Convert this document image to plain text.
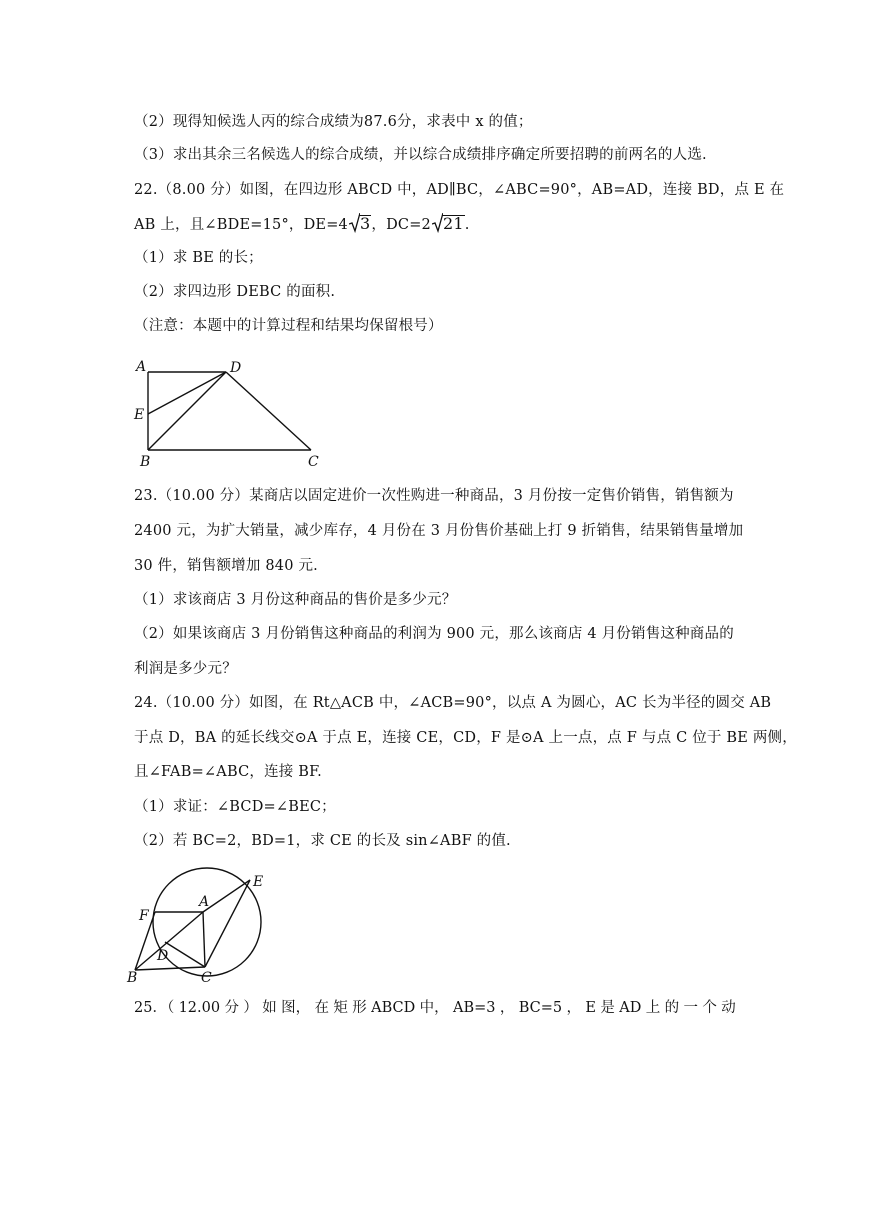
（2）现得知候选人丙的综合成绩为87.6分，求表中 x 的值；
（3）求出其余三名候选人的综合成绩，并以综合成绩排序确定所要招聘的前两名的人选.
22.（8.00 分）如图，在四边形 ABCD 中，AD∥BC，∠ABC=90°，AB=AD，连接 BD，点 E 在
AB 上，且∠BDE=15°，DE=4 3，DC=2 21.
（1）求 BE 的长；
（2）求四边形 DEBC 的面积.
（注意：本题中的计算过程和结果均保留根号）
A	D
E
B	C
23.（10.00 分）某商店以固定进价一次性购进一种商品，3 月份按一定售价销售，销售额为
2400 元，为扩大销量，减少库存，4 月份在 3 月份售价基础上打 9 折销售，结果销售量增加
30 件，销售额增加 840 元.
（1）求该商店 3 月份这种商品的售价是多少元？
（2）如果该商店 3 月份销售这种商品的利润为 900 元，那么该商店 4 月份销售这种商品的
利润是多少元？
24.（10.00 分）如图，在 Rt△ACB 中，∠ACB=90°，以点 A 为圆心，AC 长为半径的圆交 AB
于点 D，BA 的延长线交⊙A 于点 E，连接 CE，CD，F 是⊙A 上一点，点 F 与点 C 位于 BE 两侧，
且∠FAB=∠ABC，连接 BF.
（1）求证：∠BCD=∠BEC；
（2）若 BC=2，BD=1，求 CE 的长及 sin∠ABF 的值.
E
F
A
D
B	C
25．（ 12.00 分 ） 如 图， 在 矩 形 ABCD 中， AB=3 ， BC=5 ， E 是 AD 上 的 一 个 动
